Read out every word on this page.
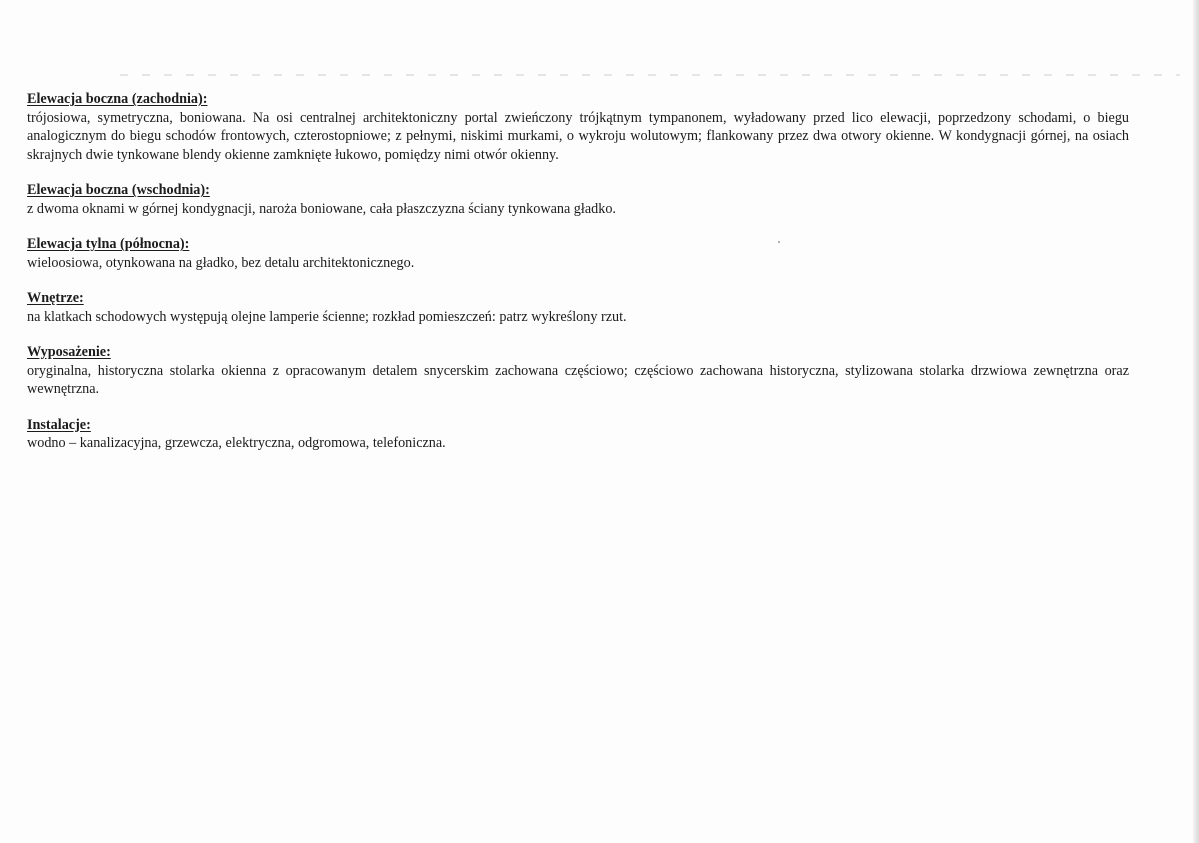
Elewacja boczna (zachodnia):

trójosiowa, symetryczna, boniowana. Na osi centralnej architektoniczny portal zwieńczony trójkątnym tympanonem, wyładowany przed lico elewacji, poprzedzony schodami, o biegu analogicznym do biegu schodów frontowych, czterostopniowe; z pełnymi, niskimi murkami, o wykroju wolutowym; flankowany przez dwa otwory okienne. W kondygnacji górnej, na osiach skrajnych dwie tynkowane blendy okienne zamknięte łukowo, pomiędzy nimi otwór okienny.

Elewacja boczna (wschodnia):

z dwoma oknami w górnej kondygnacji, naroża boniowane, cała płaszczyzna ściany tynkowana gładko.

Elewacja tylna (północna):

wieloosiowa, otynkowana na gładko, bez detalu architektonicznego.

Wnętrze:

na klatkach schodowych występują olejne lamperie ścienne; rozkład pomieszczeń: patrz wykreślony rzut.

Wyposażenie:

oryginalna, historyczna stolarka okienna z opracowanym detalem snycerskim zachowana częściowo; częściowo zachowana historyczna, stylizowana stolarka drzwiowa zewnętrzna oraz wewnętrzna.

Instalacje:

wodno – kanalizacyjna, grzewcza, elektryczna, odgromowa, telefoniczna.
